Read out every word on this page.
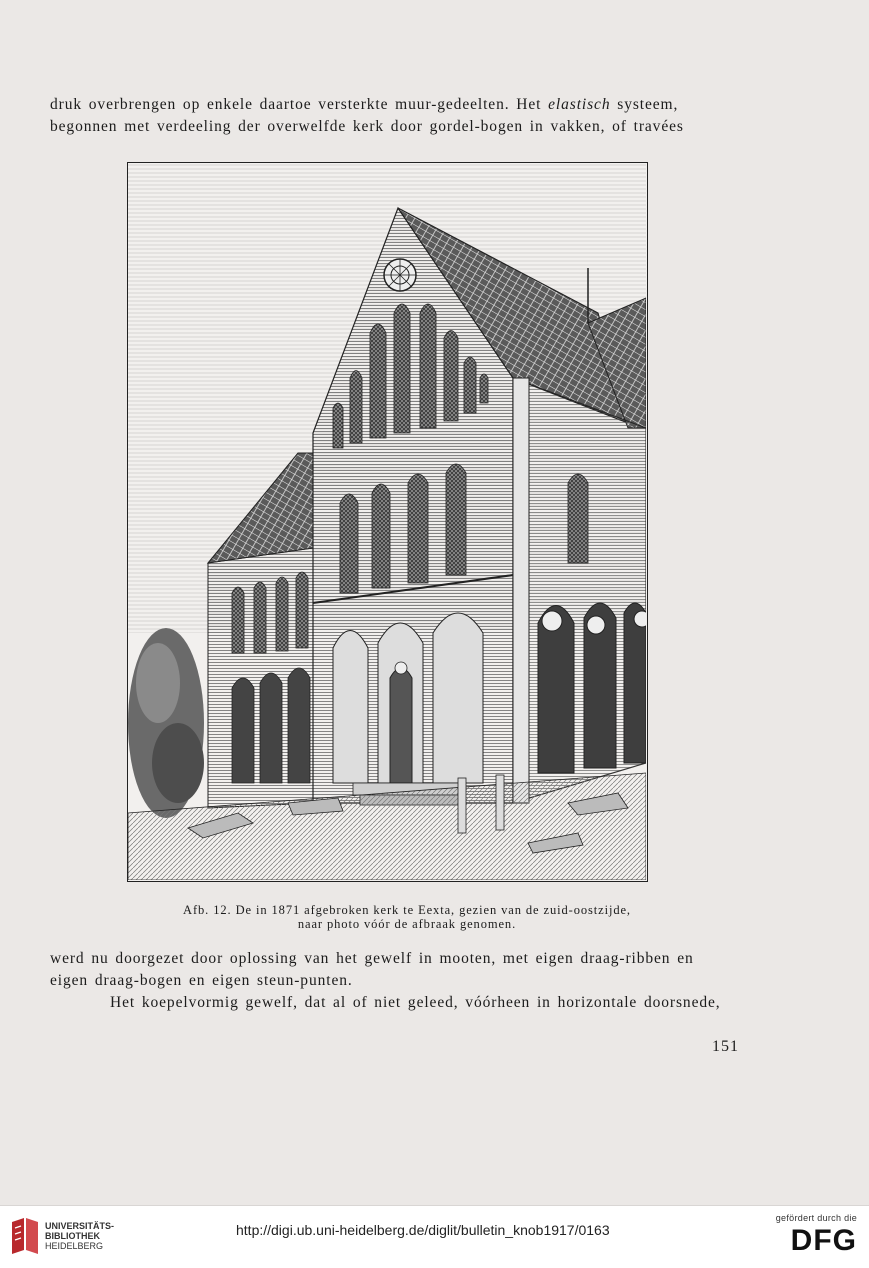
druk overbrengen op enkele daartoe versterkte muur-gedeelten. Het elastisch systeem,
begonnen met verdeeling der overwelfde kerk door gordel-bogen in vakken, of travées

Afb. 12. De in 1871 afgebroken kerk te Eexta, gezien van de zuid-oostzijde,
naar photo vóór de afbraak genomen.

werd nu doorgezet door oplossing van het gewelf in mooten, met eigen draag-ribben en
eigen draag-bogen en eigen steun-punten.
Het koepelvormig gewelf, dat al of niet geleed, vóórheen in horizontale doorsnede,

151
UNIVERSITÄTS-
BIBLIOTHEK
HEIDELBERG
http://digi.ub.uni-heidelberg.de/diglit/bulletin_knob1917/0163
gefördert durch die
DFG
